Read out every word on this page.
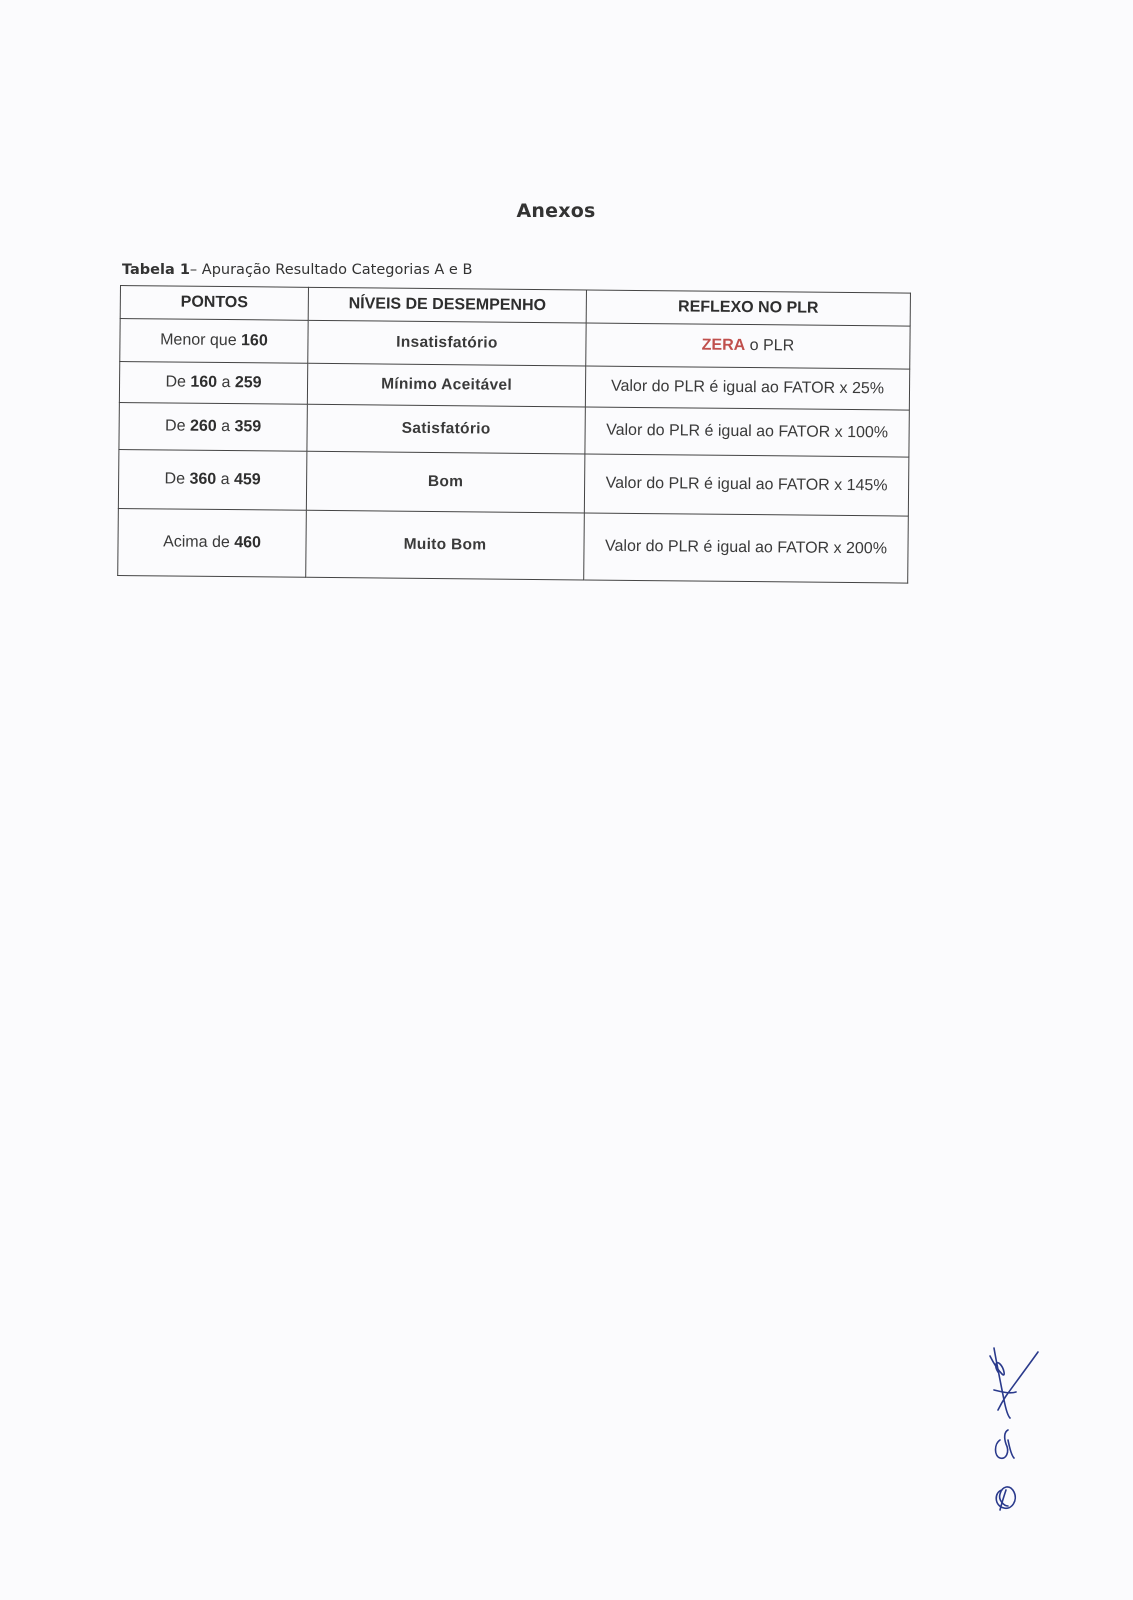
Anexos
Tabela 1– Apuração Resultado Categorias A e B
PONTOS	NÍVEIS DE DESEMPENHO	REFLEXO NO PLR
Menor que 160	Insatisfatório	ZERA o PLR
De 160 a 259	Mínimo Aceitável	Valor do PLR é igual ao FATOR x 25%
De 260 a 359	Satisfatório	Valor do PLR é igual ao FATOR x 100%
De 360 a 459	Bom	Valor do PLR é igual ao FATOR x 145%
Acima de 460	Muito Bom	Valor do PLR é igual ao FATOR x 200%
